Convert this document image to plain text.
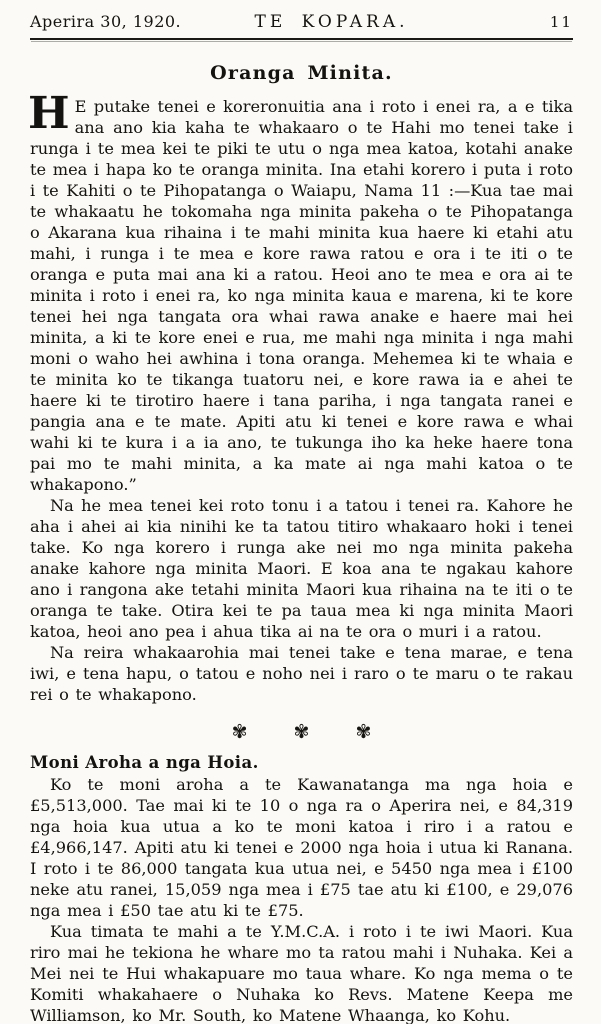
Aperira 30, 1920.	TE KOPARA.	11
Oranga Minita.

H E putake tenei e koreronuitia ana i roto i enei ra, a e tika ana ano kia kaha te whakaaro o te Hahi mo tenei take i runga i te mea kei te piki te utu o nga mea katoa, kotahi anake te mea i hapa ko te oranga minita. Ina etahi korero i puta i roto i te Kahiti o te Pihopatanga o Waiapu, Nama 11 :—Kua tae mai te whakaatu he tokomaha nga minita pakeha o te Pihopatanga o Akarana kua rihaina i te mahi minita kua haere ki etahi atu mahi, i runga i te mea e kore rawa ratou e ora i te iti o te oranga e puta mai ana ki a ratou. Heoi ano te mea e ora ai te minita i roto i enei ra, ko nga minita kaua e marena, ki te kore tenei hei nga tangata ora whai rawa anake e haere mai hei minita, a ki te kore enei e rua, me mahi nga minita i nga mahi moni o waho hei awhina i tona oranga. Mehemea ki te whaia e te minita ko te tikanga tuatoru nei, e kore rawa ia e ahei te haere ki te tirotiro haere i tana pariha, i nga tangata ranei e pangia ana e te mate. Apiti atu ki tenei e kore rawa e whai wahi ki te kura i a ia ano, te tukunga iho ka heke haere tona pai mo te mahi minita, a ka mate ai nga mahi katoa o te whakapono.”

Na he mea tenei kei roto tonu i a tatou i tenei ra. Kahore he aha i ahei ai kia ninihi ke ta tatou titiro whakaaro hoki i tenei take. Ko nga korero i runga ake nei mo nga minita pakeha anake kahore nga minita Maori. E koa ana te ngakau kahore ano i rangona ake tetahi minita Maori kua rihaina na te iti o te oranga te take. Otira kei te pa taua mea ki nga minita Maori katoa, heoi ano pea i ahua tika ai na te ora o muri i a ratou.

Na reira whakaarohia mai tenei take e tena marae, e tena iwi, e tena hapu, o tatou e noho nei i raro o te maru o te rakau rei o te whakapono.

✾ ✾ ✾
Moni Aroha a nga Hoia.

Ko te moni aroha a te Kawanatanga ma nga hoia e £5,513,000. Tae mai ki te 10 o nga ra o Aperira nei, e 84,319 nga hoia kua utua a ko te moni katoa i riro i a ratou e £4,966,147. Apiti atu ki tenei e 2000 nga hoia i utua ki Ranana. I roto i te 86,000 tangata kua utua nei, e 5450 nga mea i £100 neke atu ranei, 15,059 nga mea i £75 tae atu ki £100, e 29,076 nga mea i £50 tae atu ki te £75.

Kua timata te mahi a te Y.M.C.A. i roto i te iwi Maori. Kua riro mai he tekiona he whare mo ta ratou mahi i Nuhaka. Kei a Mei nei te Hui whakapuare mo taua whare. Ko nga mema o te Komiti whakahaere o Nuhaka ko Revs. Matene Keepa me Williamson, ko Mr. South, ko Matene Whaanga, ko Kohu.
